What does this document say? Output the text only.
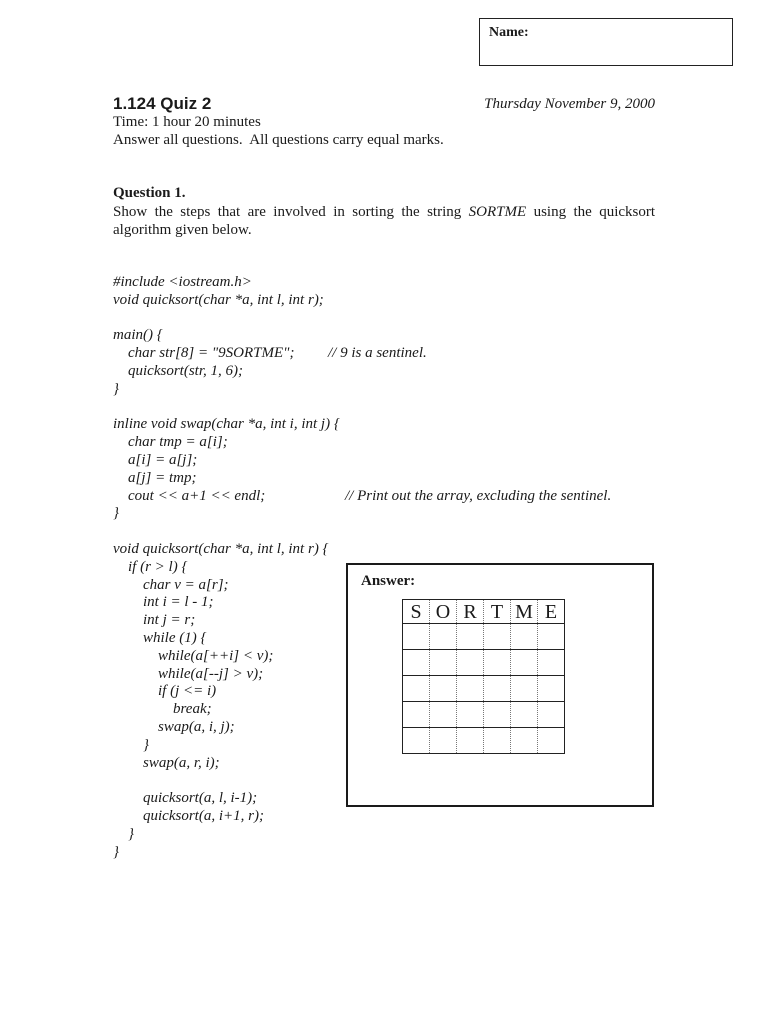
Name:
1.124 Quiz 2	Thursday November 9, 2000
Time: 1 hour 20 minutes
Answer all questions.  All questions carry equal marks.
Question 1.
Show the steps that are involved in sorting the string SORTME using the quicksort
algorithm given below.
#include <iostream.h>
void quicksort(char *a, int l, int r);
main() {
char str[8] = "9SORTME"; // 9 is a sentinel.
quicksort(str, 1, 6);
}
inline void swap(char *a, int i, int j) {
char tmp = a[i];
a[i] = a[j];
a[j] = tmp;
cout << a+1 << endl;	// Print out the array, excluding the sentinel.
}
void quicksort(char *a, int l, int r) {
if (r > l) {
char v = a[r];
int i = l - 1;
int j = r;
while (1) {
while(a[++i] < v);
while(a[--j] > v);
if (j <= i)
break;
swap(a, i, j);
}
swap(a, r, i);
quicksort(a, l, i-1);
quicksort(a, i+1, r);
}
}
Answer:
S	O	R	T	M	E
